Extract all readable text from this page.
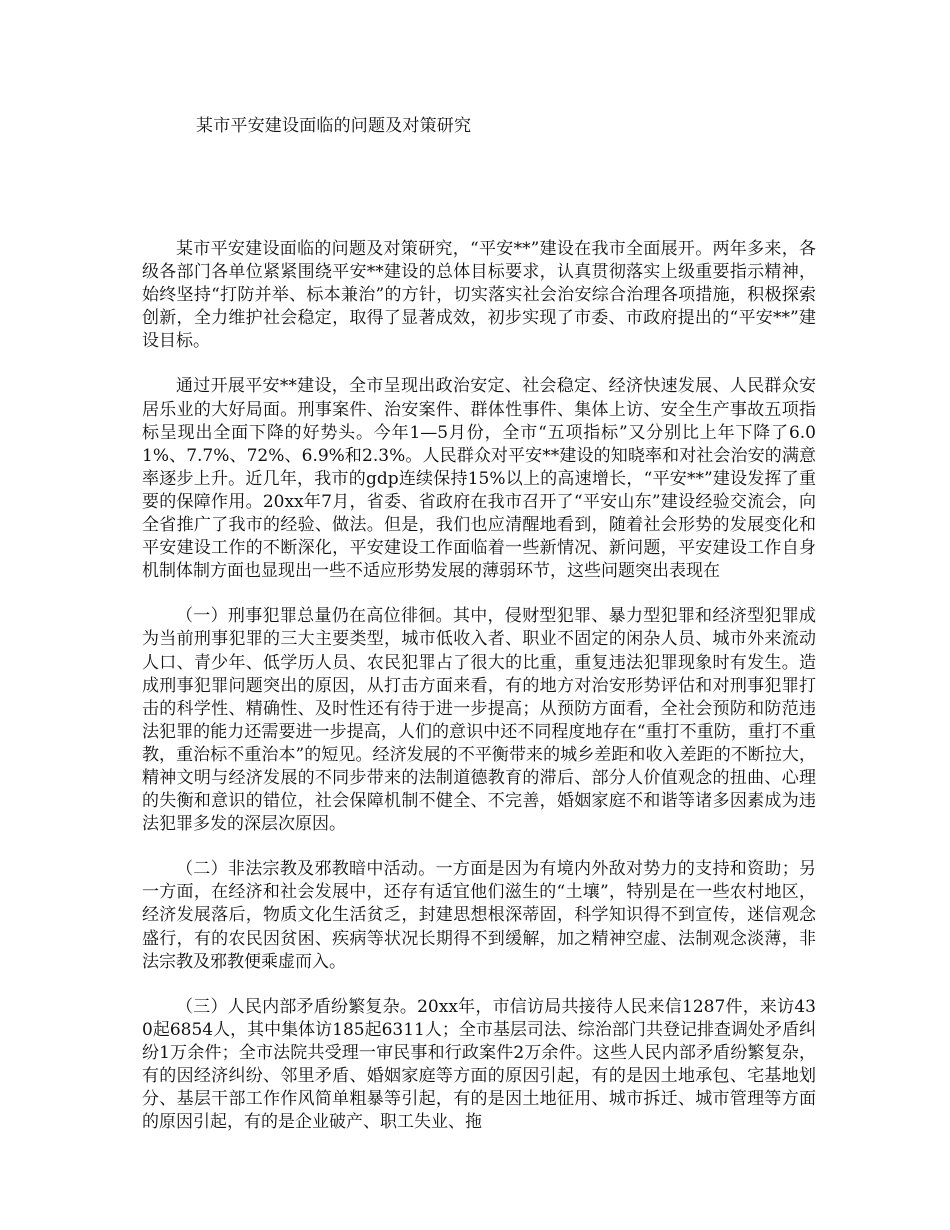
某市平安建设面临的问题及对策研究

某市平安建设面临的问题及对策研究，“平安**”建设在我市全面展开。两年多来，各级各部门各单位紧紧围绕平安**建设的总体目标要求，认真贯彻落实上级重要指示精神，始终坚持“打防并举、标本兼治”的方针，切实落实社会治安综合治理各项措施，积极探索创新，全力维护社会稳定，取得了显著成效，初步实现了市委、市政府提出的“平安**”建设目标。

通过开展平安**建设，全市呈现出政治安定、社会稳定、经济快速发展、人民群众安居乐业的大好局面。刑事案件、治安案件、群体性事件、集体上访、安全生产事故五项指标呈现出全面下降的好势头。今年1—5月份，全市“五项指标”又分别比上年下降了6.01%、7.7%、72%、6.9%和2.3%。人民群众对平安**建设的知晓率和对社会治安的满意率逐步上升。近几年，我市的gdp连续保持15%以上的高速增长，“平安**”建设发挥了重要的保障作用。20xx年7月，省委、省政府在我市召开了“平安山东”建设经验交流会，向全省推广了我市的经验、做法。但是，我们也应清醒地看到，随着社会形势的发展变化和平安建设工作的不断深化，平安建设工作面临着一些新情况、新问题，平安建设工作自身机制体制方面也显现出一些不适应形势发展的薄弱环节，这些问题突出表现在

（一）刑事犯罪总量仍在高位徘徊。其中，侵财型犯罪、暴力型犯罪和经济型犯罪成为当前刑事犯罪的三大主要类型，城市低收入者、职业不固定的闲杂人员、城市外来流动人口、青少年、低学历人员、农民犯罪占了很大的比重，重复违法犯罪现象时有发生。造成刑事犯罪问题突出的原因，从打击方面来看，有的地方对治安形势评估和对刑事犯罪打击的科学性、精确性、及时性还有待于进一步提高；从预防方面看，全社会预防和防范违法犯罪的能力还需要进一步提高，人们的意识中还不同程度地存在“重打不重防，重打不重教，重治标不重治本”的短见。经济发展的不平衡带来的城乡差距和收入差距的不断拉大，精神文明与经济发展的不同步带来的法制道德教育的滞后、部分人价值观念的扭曲、心理的失衡和意识的错位，社会保障机制不健全、不完善，婚姻家庭不和谐等诸多因素成为违法犯罪多发的深层次原因。

（二）非法宗教及邪教暗中活动。一方面是因为有境内外敌对势力的支持和资助；另一方面，在经济和社会发展中，还存有适宜他们滋生的“土壤”，特别是在一些农村地区，经济发展落后，物质文化生活贫乏，封建思想根深蒂固，科学知识得不到宣传，迷信观念盛行，有的农民因贫困、疾病等状况长期得不到缓解，加之精神空虚、法制观念淡薄，非法宗教及邪教便乘虚而入。

（三）人民内部矛盾纷繁复杂。20xx年，市信访局共接待人民来信1287件，来访430起6854人，其中集体访185起6311人；全市基层司法、综治部门共登记排查调处矛盾纠纷1万余件；全市法院共受理一审民事和行政案件2万余件。这些人民内部矛盾纷繁复杂，有的因经济纠纷、邻里矛盾、婚姻家庭等方面的原因引起，有的是因土地承包、宅基地划分、基层干部工作作风简单粗暴等引起，有的是因土地征用、城市拆迁、城市管理等方面的原因引起，有的是企业破产、职工失业、拖
